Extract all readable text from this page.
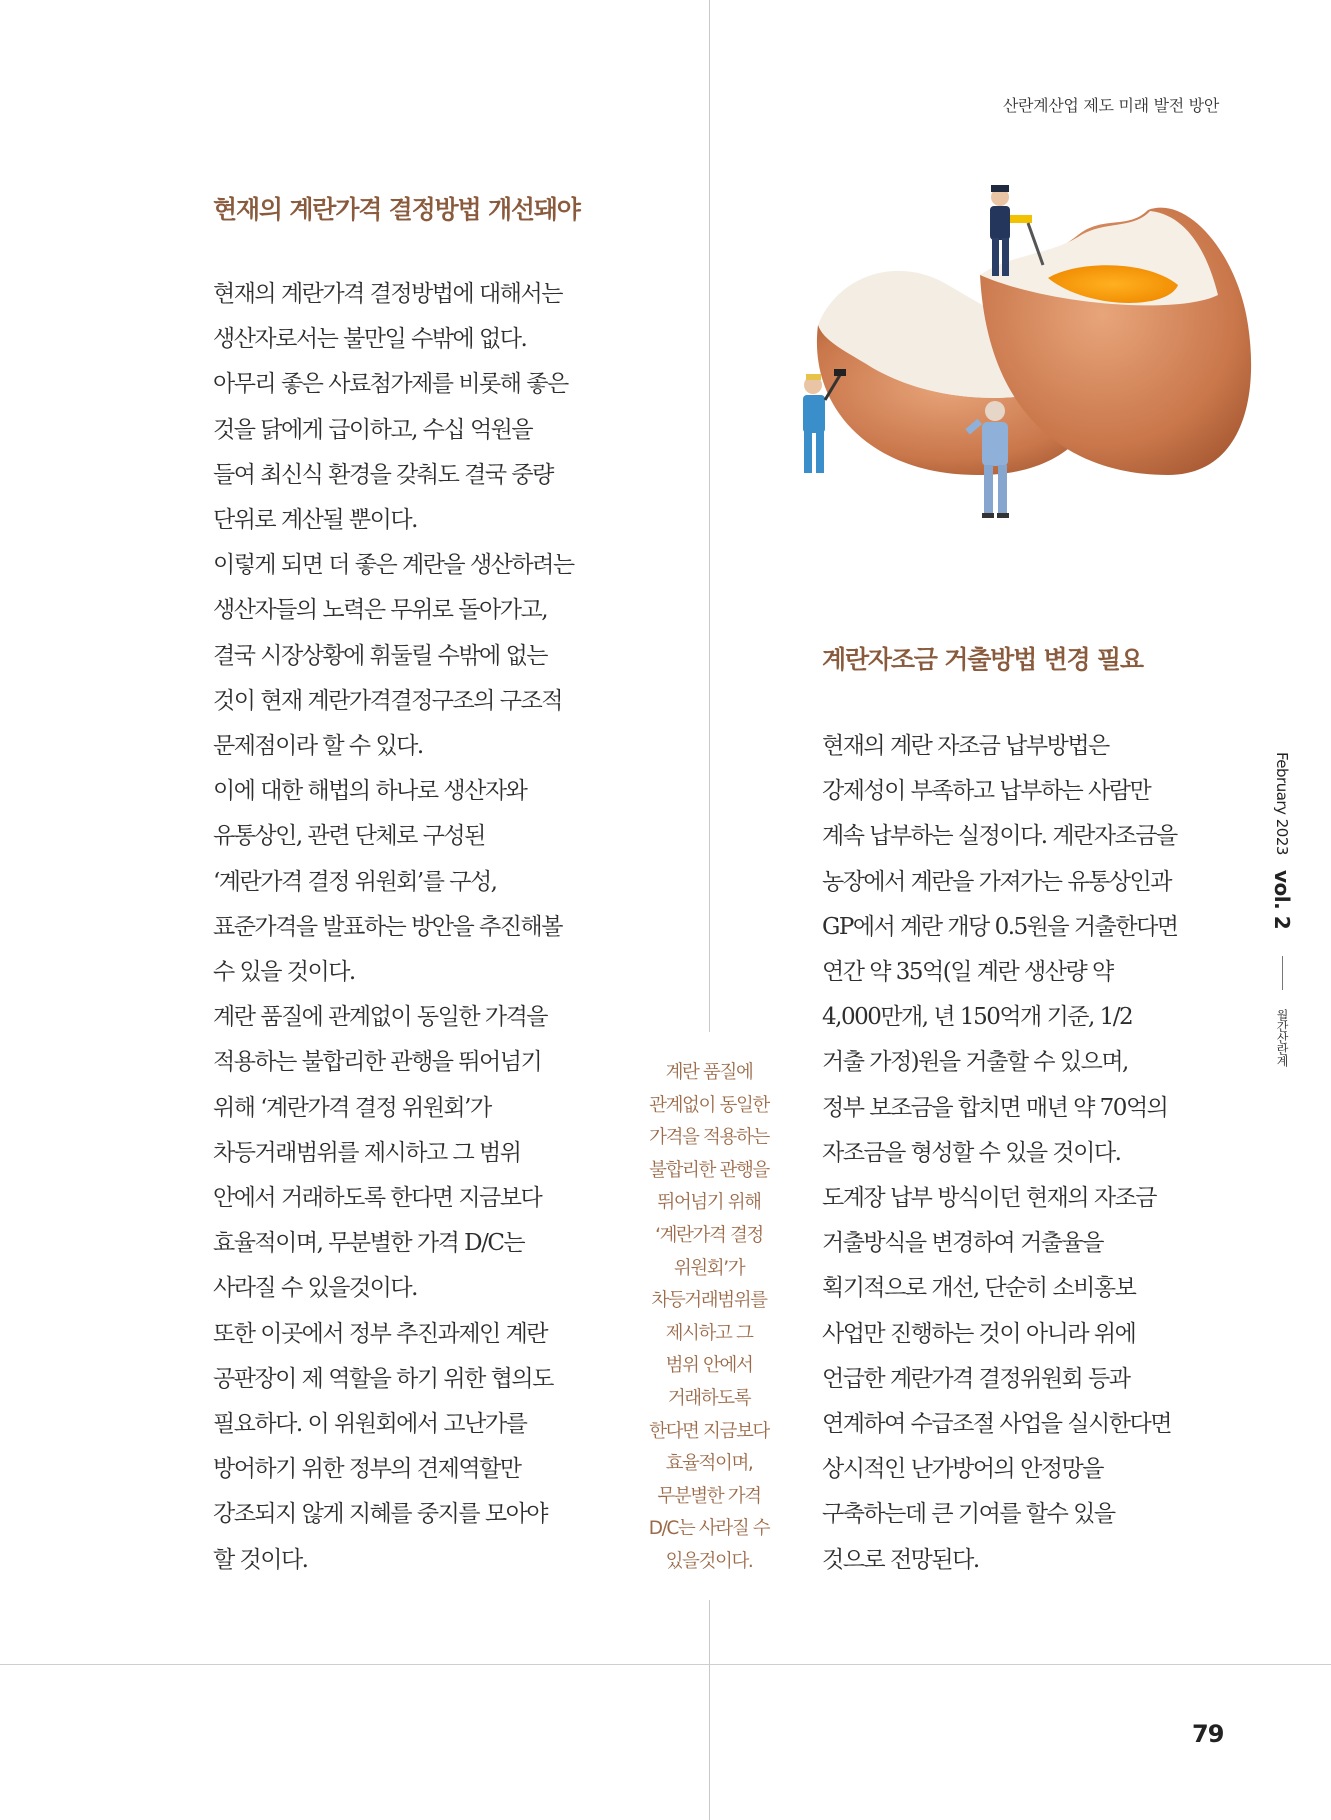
산란계산업 제도 미래 발전 방안
현재의 계란가격 결정방법 개선돼야

현재의 계란가격 결정방법에 대해서는

생산자로서는 불만일 수밖에 없다.

아무리 좋은 사료첨가제를 비롯해 좋은

것을 닭에게 급이하고, 수십 억원을

들여 최신식 환경을 갖춰도 결국 중량

단위로 계산될 뿐이다.

이렇게 되면 더 좋은 계란을 생산하려는

생산자들의 노력은 무위로 돌아가고,

결국 시장상황에 휘둘릴 수밖에 없는

것이 현재 계란가격결정구조의 구조적

문제점이라 할 수 있다.

이에 대한 해법의 하나로 생산자와

유통상인, 관련 단체로 구성된

‘계란가격 결정 위원회’를 구성,

표준가격을 발표하는 방안을 추진해볼

수 있을 것이다.

계란 품질에 관계없이 동일한 가격을

적용하는 불합리한 관행을 뛰어넘기

위해 ‘계란가격 결정 위원회’가

차등거래범위를 제시하고 그 범위

안에서 거래하도록 한다면 지금보다

효율적이며, 무분별한 가격 D/C는

사라질 수 있을것이다.

또한 이곳에서 정부 추진과제인 계란

공판장이 제 역할을 하기 위한 협의도

필요하다. 이 위원회에서 고난가를

방어하기 위한 정부의 견제역할만

강조되지 않게 지혜를 중지를 모아야

할 것이다.

계란 품질에

관계없이 동일한

가격을 적용하는

불합리한 관행을

뛰어넘기 위해

‘계란가격 결정

위원회’가

차등거래범위를

제시하고 그

범위 안에서

거래하도록

한다면 지금보다

효율적이며,

무분별한 가격

D/C는 사라질 수

있을것이다.

계란자조금 거출방법 변경 필요

현재의 계란 자조금 납부방법은

강제성이 부족하고 납부하는 사람만

계속 납부하는 실정이다. 계란자조금을

농장에서 계란을 가져가는 유통상인과

GP에서 계란 개당 0.5원을 거출한다면

연간 약 35억(일 계란 생산량 약

4,000만개, 년 150억개 기준, 1/2

거출 가정)원을 거출할 수 있으며,

정부 보조금을 합치면 매년 약 70억의

자조금을 형성할 수 있을 것이다.

도계장 납부 방식이던 현재의 자조금

거출방식을 변경하여 거출율을

획기적으로 개선, 단순히 소비홍보

사업만 진행하는 것이 아니라 위에

언급한 계란가격 결정위원회 등과

연계하여 수급조절 사업을 실시한다면

상시적인 난가방어의 안정망을

구축하는데 큰 기여를 할수 있을

것으로 전망된다.

February 2023 vol. 2  월간산란계
79
